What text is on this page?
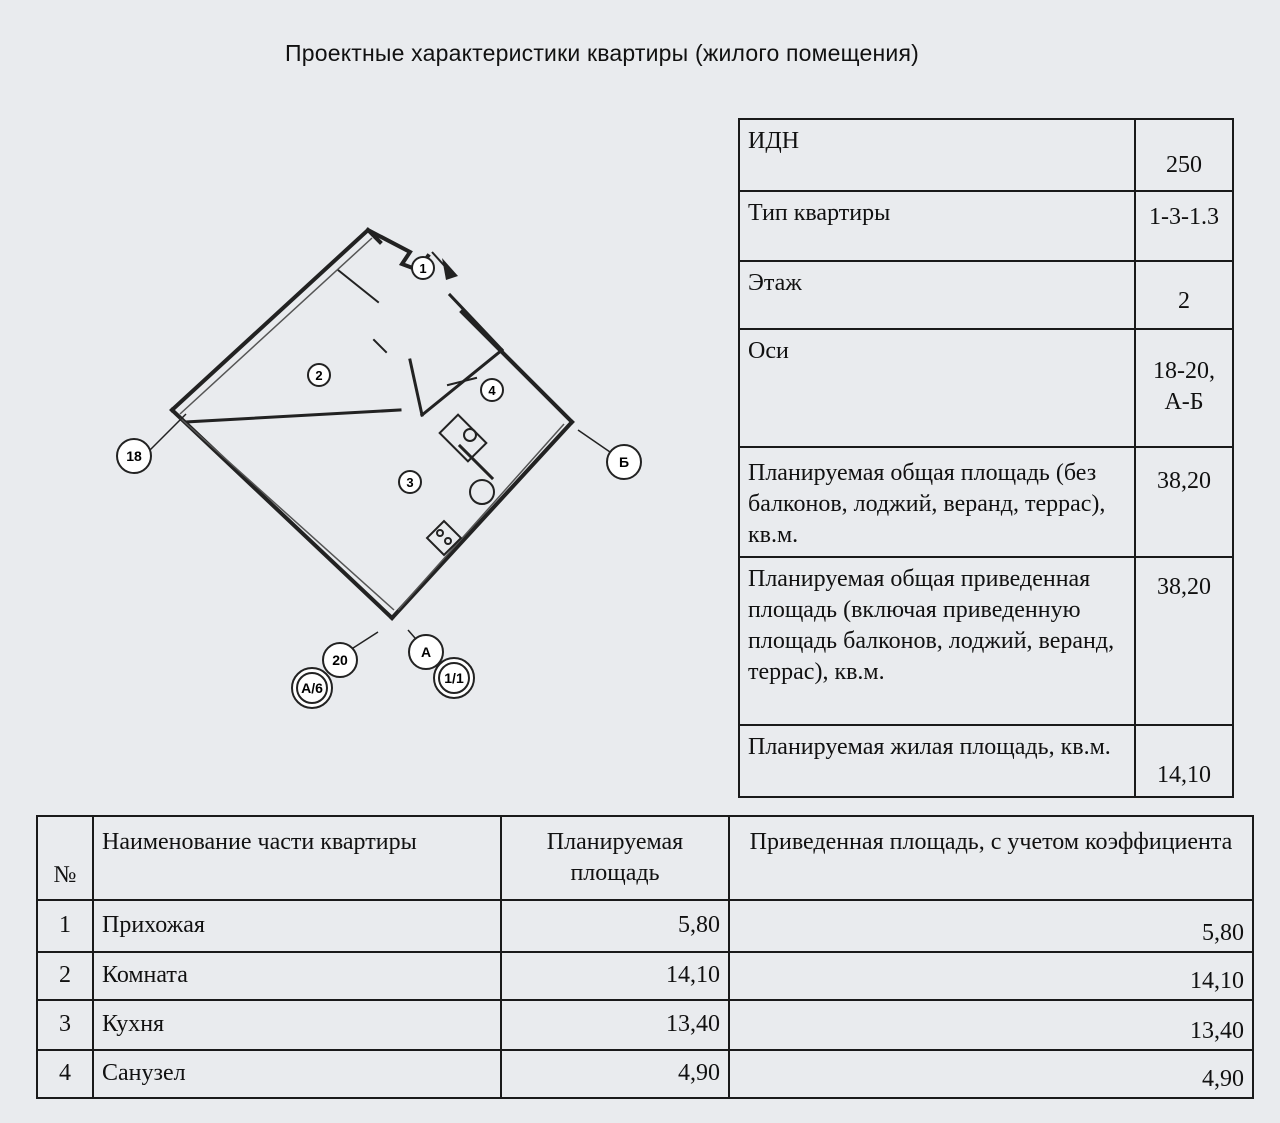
Проектные характеристики квартиры (жилого помещения)
1
2
3
4
18
20
Б
А
А/6
1/1
ИДН	250

Тип квартиры	1-3-1.3

Этаж	2

Оси	18-20,
А-Б

Планируемая общая площадь (без балконов, лоджий, веранд, террас), кв.м.	38,20

Планируемая общая приведенная площадь (включая приведенную площадь балконов, лоджий, веранд, террас), кв.м.	38,20

Планируемая жилая площадь, кв.м.	14,10
№	Наименование части квартиры	Планируемая площадь	Приведенная площадь, с учетом коэффициента
1	Прихожая	5,80	5,80
2	Комната	14,10	14,10
3	Кухня	13,40	13,40
4	Санузел	4,90	4,90
